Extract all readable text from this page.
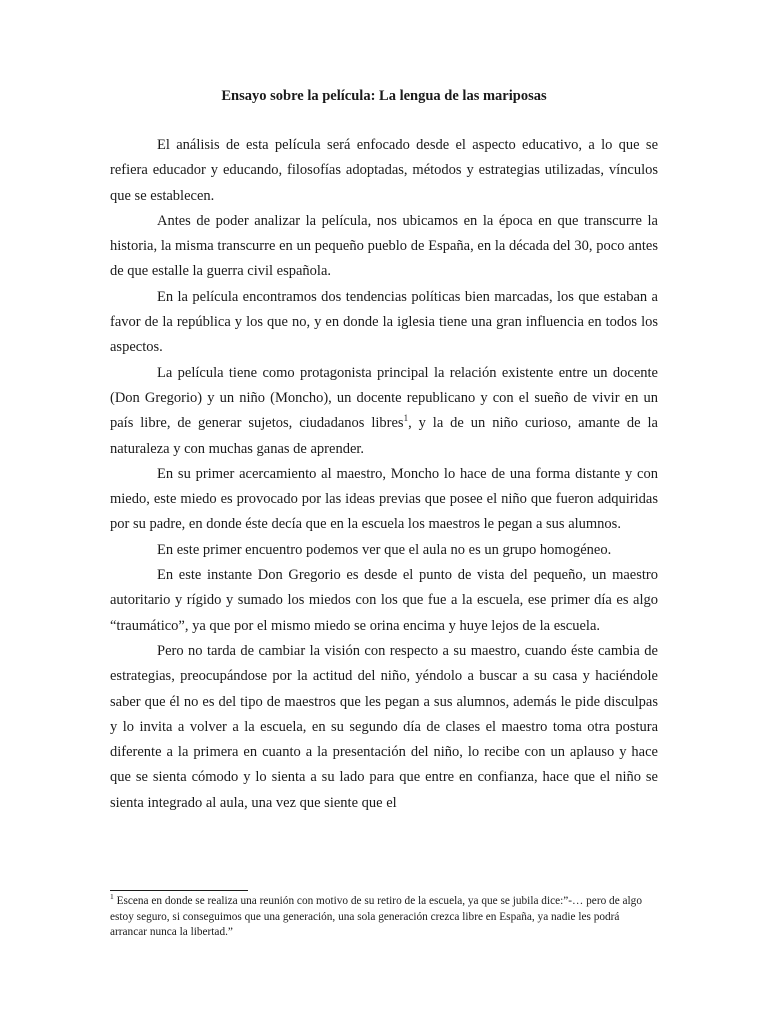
Ensayo sobre la película: La lengua de las mariposas

El análisis de esta película será enfocado desde el aspecto educativo, a lo que se refiera educador y educando, filosofías adoptadas, métodos y estrategias utilizadas, vínculos que se establecen.

Antes de poder analizar la película, nos ubicamos en la época en que transcurre la historia, la misma transcurre en un pequeño pueblo de España, en la década del 30, poco antes de que estalle la guerra civil española.

En la película encontramos dos tendencias políticas bien marcadas, los que estaban a favor de la república y los que no, y en donde la iglesia tiene una gran influencia en todos los aspectos.

La película tiene como protagonista principal la relación existente entre un docente (Don Gregorio) y un niño (Moncho), un docente republicano y con el sueño de vivir en un país libre, de generar sujetos, ciudadanos libres$^1$, y la de un niño curioso, amante de la naturaleza y con muchas ganas de aprender.

En su primer acercamiento al maestro, Moncho lo hace de una forma distante y con miedo, este miedo es provocado por las ideas previas que posee el niño que fueron adquiridas por su padre, en donde éste decía que en la escuela los maestros le pegan a sus alumnos.

En este primer encuentro podemos ver que el aula no es un grupo homogéneo.

En este instante Don Gregorio es desde el punto de vista del pequeño, un maestro autoritario y rígido y sumado los miedos con los que fue a la escuela, ese primer día es algo “traumático”, ya que por el mismo miedo se orina encima y huye lejos de la escuela.

Pero no tarda de cambiar la visión con respecto a su maestro, cuando éste cambia de estrategias, preocupándose por la actitud del niño, yéndolo a buscar a su casa y haciéndole saber que él no es del tipo de maestros que les pegan a sus alumnos, además le pide disculpas y lo invita a volver a la escuela, en su segundo día de clases el maestro toma otra postura diferente a la primera en cuanto a la presentación del niño, lo recibe con un aplauso y hace que se sienta cómodo y lo sienta a su lado para que entre en confianza, hace que el niño se sienta integrado al aula, una vez que siente que el

$^1$ Escena en donde se realiza una reunión con motivo de su retiro de la escuela, ya que se jubila dice:”-… pero de algo estoy seguro, si conseguimos que una generación, una sola generación crezca libre en España, ya nadie les podrá arrancar nunca la libertad.”
